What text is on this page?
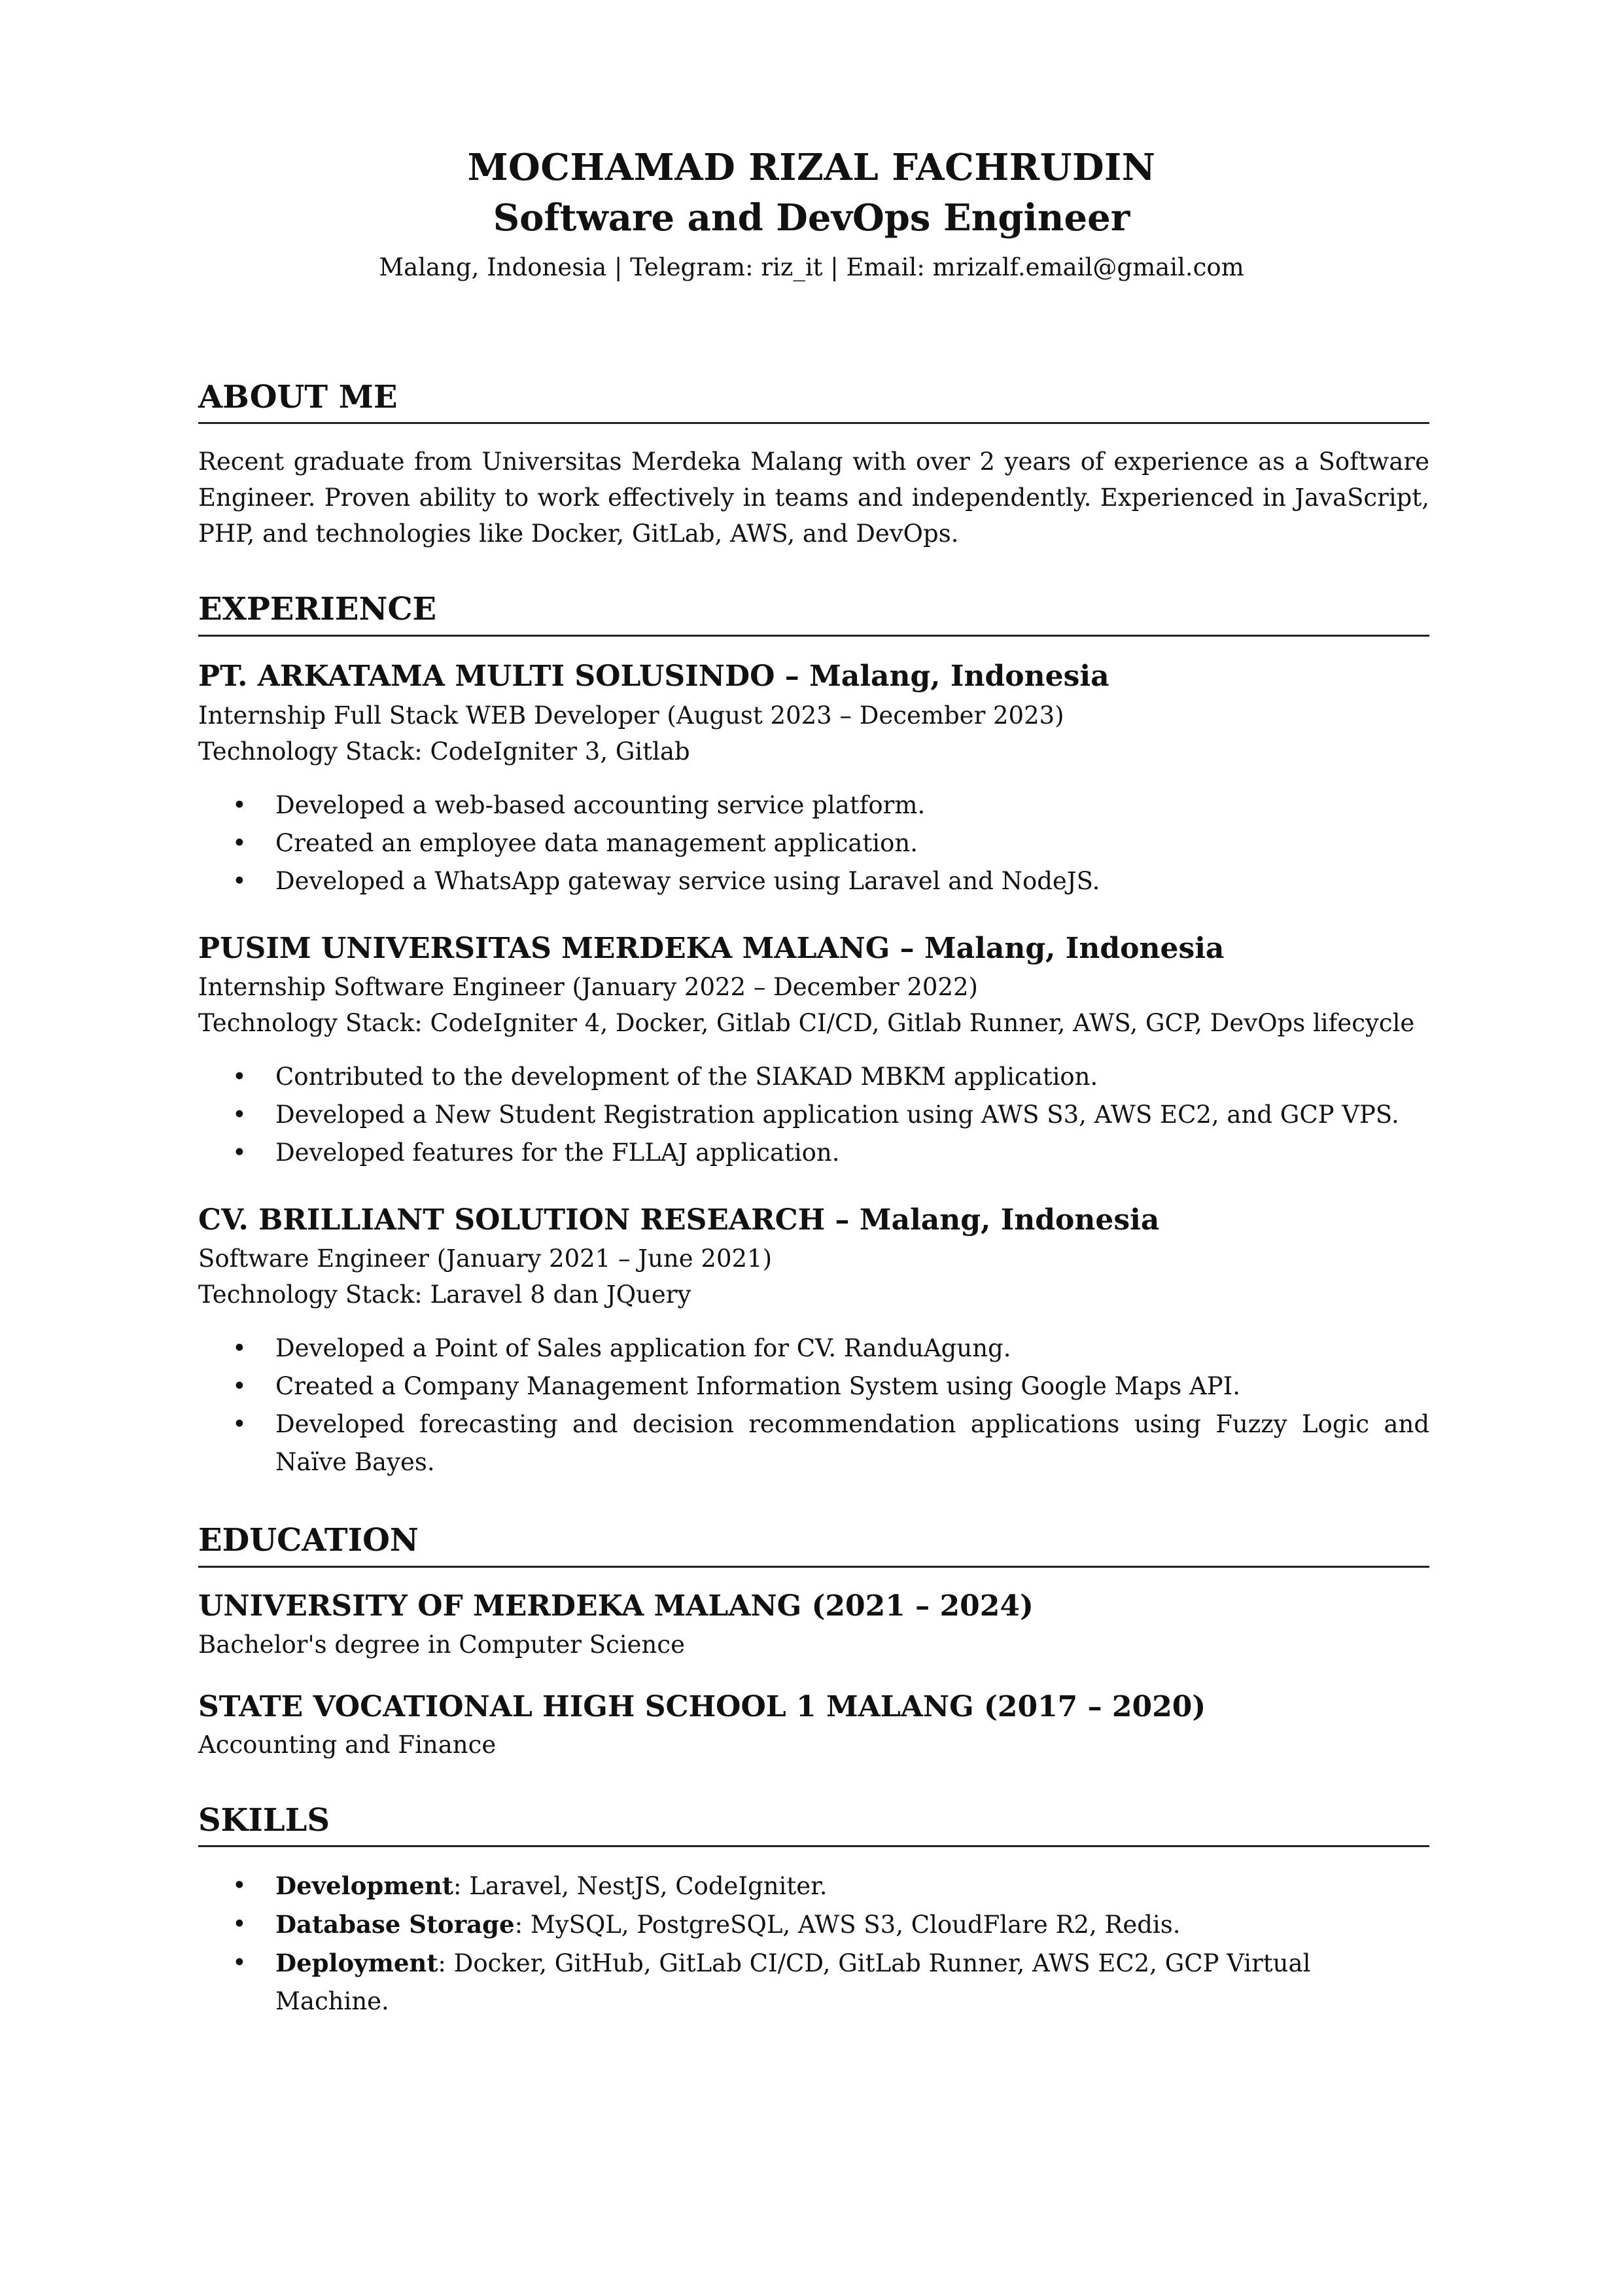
MOCHAMAD RIZAL FACHRUDIN
Software and DevOps Engineer
Malang, Indonesia | Telegram: riz_it | Email: mrizalf.email@gmail.com
ABOUT ME
Recent graduate from Universitas Merdeka Malang with over 2 years of experience as a Software Engineer. Proven ability to work effectively in teams and independently. Experienced in JavaScript, PHP, and technologies like Docker, GitLab, AWS, and DevOps.
EXPERIENCE
PT. ARKATAMA MULTI SOLUSINDO – Malang, Indonesia
Internship Full Stack WEB Developer (August 2023 – December 2023)
Technology Stack: CodeIgniter 3, Gitlab
• Developed a web-based accounting service platform.
• Created an employee data management application.
• Developed a WhatsApp gateway service using Laravel and NodeJS.
PUSIM UNIVERSITAS MERDEKA MALANG – Malang, Indonesia
Internship Software Engineer (January 2022 – December 2022)
Technology Stack: CodeIgniter 4, Docker, Gitlab CI/CD, Gitlab Runner, AWS, GCP, DevOps lifecycle
• Contributed to the development of the SIAKAD MBKM application.
• Developed a New Student Registration application using AWS S3, AWS EC2, and GCP VPS.
• Developed features for the FLLAJ application.
CV. BRILLIANT SOLUTION RESEARCH – Malang, Indonesia
Software Engineer (January 2021 – June 2021)
Technology Stack: Laravel 8 dan JQuery
• Developed a Point of Sales application for CV. RanduAgung.
• Created a Company Management Information System using Google Maps API.
• Developed forecasting and decision recommendation applications using Fuzzy Logic and Naïve Bayes.
EDUCATION
UNIVERSITY OF MERDEKA MALANG (2021 – 2024)
Bachelor's degree in Computer Science
STATE VOCATIONAL HIGH SCHOOL 1 MALANG (2017 – 2020)
Accounting and Finance
SKILLS
• Development: Laravel, NestJS, CodeIgniter.
• Database Storage: MySQL, PostgreSQL, AWS S3, CloudFlare R2, Redis.
• Deployment: Docker, GitHub, GitLab CI/CD, GitLab Runner, AWS EC2, GCP Virtual Machine.
